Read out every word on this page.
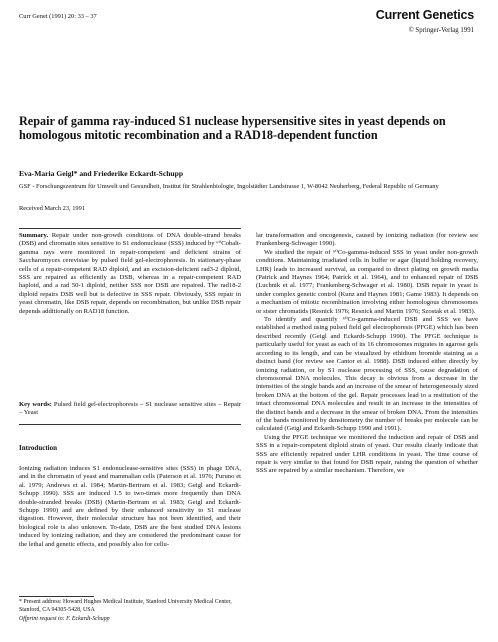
Curr Genet (1991) 20: 33 – 37	Current Genetics
© Springer-Verlag 1991
Repair of gamma ray-induced S1 nuclease hypersensitive sites in yeast depends on homologous mitotic recombination and a RAD18-dependent function
Eva-Maria Geigl* and Friederike Eckardt-Schupp
GSF - Forschungszentrum für Umwelt und Gesundheit, Institut für Strahlenbiologie, Ingolstädter Landstrasse 1, W-8042 Neuherberg, Federal Republic of Germany
Received March 23, 1991

Summary. Repair under non-growth conditions of DNA double-strand breaks (DSB) and chromatin sites sensitive to S1 endonuclease (SSS) induced by ⁶⁰Cobalt-gamma rays were monitored in repair-competent and deficient strains of Saccharomyces cerevisiae by pulsed field gel-electrophoresis. In stationary-phase cells of a repair-competent RAD diploid, and an excision-deficient rad3-2 diploid, SSS are repaired as efficiently as DSB, whereas in a repair-competent RAD haploid, and a rad 50-1 diploid, neither SSS nor DSB are repaired. The rad18-2 diploid repairs DSB well but is defective in SSS repair. Obviously, SSS repair in yeast chromatin, like DSB repair, depends on recombination, but unlike DSB repair depends additionally on RAD18 function.

Key words: Pulsed field gel-electrophoresis – S1 nuclease sensitive sites – Repair – Yeast

Introduction

Ionizing radiation induces S1 endonuclease-sensitive sites (SSS) in phage DNA, and in the chromatin of yeast and mammalian cells (Paterson et al. 1976; Furuno et al. 1979; Andrews et al. 1984; Martin-Bertram et al. 1983; Geigl and Eckardt-Schupp 1990). SSS are induced 1.5 to two-times more frequently than DNA double-stranded breaks (DSB) (Martin-Bertram et al. 1983; Geigl and Eckardt-Schupp 1990) and are defined by their enhanced sensitivity to S1 nuclease digestion. However, their molecular structure has not been identified, and their biological role is also unknown. To-date, DSB are the best studied DNA lesions induced by ionizing radiation, and they are considered the predominant cause for the lethal and genetic effects, and possibly also for cellu-

* Present address: Howard Hughes Medical Institute, Stanford University Medical Center, Stanford, CA 94305-5428, USA
Offprint request to: F. Eckardt-Schupp
lar transformation and oncogenesis, caused by ionizing radiation (for review see Frankenberg-Schwager 1990).
We studied the repair of ⁶⁰Co-gamma-induced SSS in yeast under non-growth conditions. Maintaining irradiated cells in buffer or agar (liquid holding recovery, LHR) leads to increased survival, as compared to direct plating on growth media (Patrick and Haynes 1964; Patrick et al. 1964), and to enhanced repair of DSB (Luchnik et al. 1977; Frankenberg-Schwager et al. 1980). DSB repair in yeast is under complex genetic control (Kunz and Haynes 1981; Game 1983). It depends on a mechanism of mitotic recombination involving either homologous chromosomes or sister chromatids (Resnick 1976; Resnick and Martin 1976; Szostak et al. 1983).
To identify and quantify ⁶⁰Co-gamma-induced DSB and SSS we have established a method using pulsed field gel electrophoresis (PFGE) which has been described recently (Geigl and Eckardt-Schupp 1990). The PFGE technique is particularly useful for yeast as each of its 16 chromosomes migrates in agarose gels according to its length, and can be visualized by ethidium bromide staining as a distinct band (for review see Cantor et al. 1988). DSB induced either directly by ionizing radiation, or by S1 nuclease processing of SSS, cause degradation of chromosomal DNA molecules. This decay is obvious from a decrease in the intensities of the single bands and an increase of the smear of heterogeneously sized broken DNA at the bottom of the gel. Repair processes lead to a restitution of the intact chromosomal DNA molecules and result in an increase in the intensities of the distinct bands and a decrease in the smear of broken DNA. From the intensities of the bands monitored by densitometry the number of breaks per molecule can be calculated (Geigl and Eckardt-Schupp 1990 and 1991).
Using the PFGE technique we monitored the induction and repair of DSB and SSS in a repair-competent diploid strain of yeast. Our results clearly indicate that SSS are efficiently repaired under LHR conditions in yeast. The time course of repair is very similar to that found for DSB repair, raising the question of whether SSS are repaired by a similar mechanism. Therefore, we
